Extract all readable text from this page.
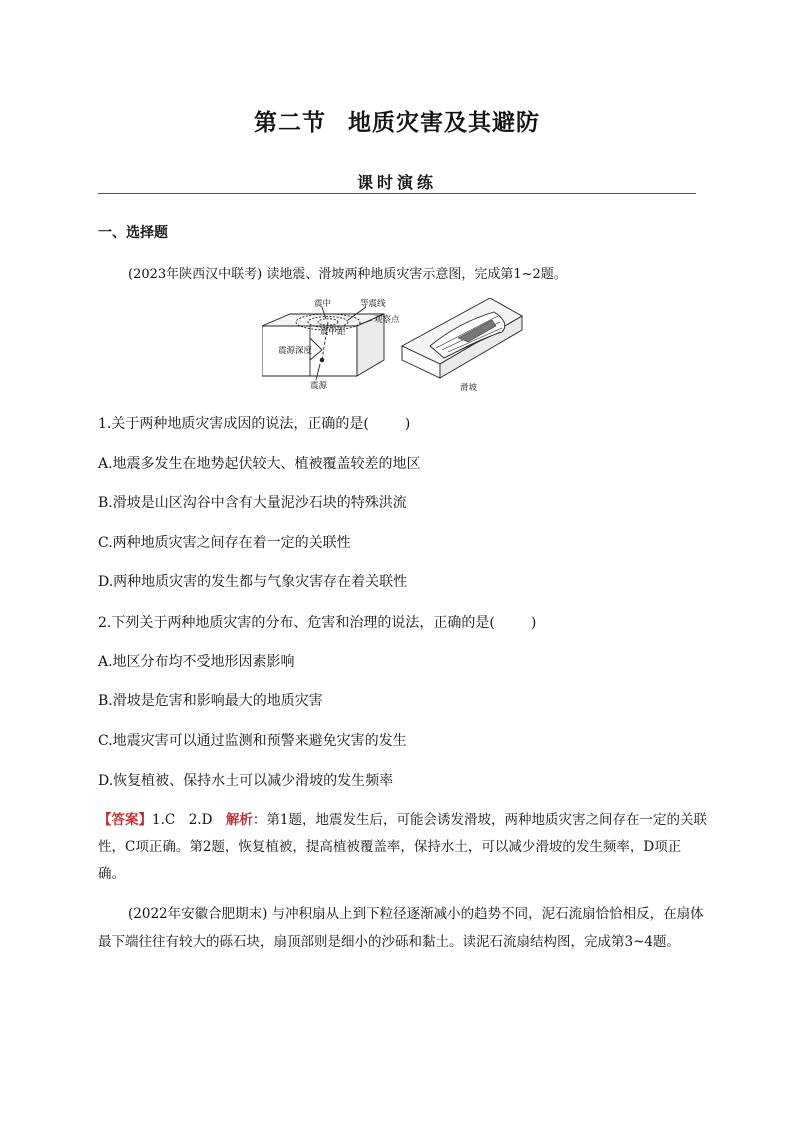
第二节 地质灾害及其避防
课时演练
一、选择题
(2023年陕西汉中联考) 读地震、滑坡两种地质灾害示意图，完成第1~2题。
震中	等震线
观察点
震中距
震源深度
震源	滑坡
1.关于两种地质灾害成因的说法，正确的是(	)
A.地震多发生在地势起伏较大、植被覆盖较差的地区
B.滑坡是山区沟谷中含有大量泥沙石块的特殊洪流
C.两种地质灾害之间存在着一定的关联性
D.两种地质灾害的发生都与气象灾害存在着关联性
2.下列关于两种地质灾害的分布、危害和治理的说法，正确的是(	)
A.地区分布均不受地形因素影响
B.滑坡是危害和影响最大的地质灾害
C.地震灾害可以通过监测和预警来避免灾害的发生
D.恢复植被、保持水土可以减少滑坡的发生频率
【答案】1.C　2.D　 解析：第1题，地震发生后，可能会诱发滑坡，两种地质灾害之间存在一定的关联性，C项正确。第2题，恢复植被，提高植被覆盖率，保持水土，可以减少滑坡的发生频率，D项正确。
(2022年安徽合肥期末) 与冲积扇从上到下粒径逐渐减小的趋势不同，泥石流扇恰恰相反，在扇体最下端往往有较大的砾石块，扇顶部则是细小的沙砾和黏土。读泥石流扇结构图，完成第3~4题。
